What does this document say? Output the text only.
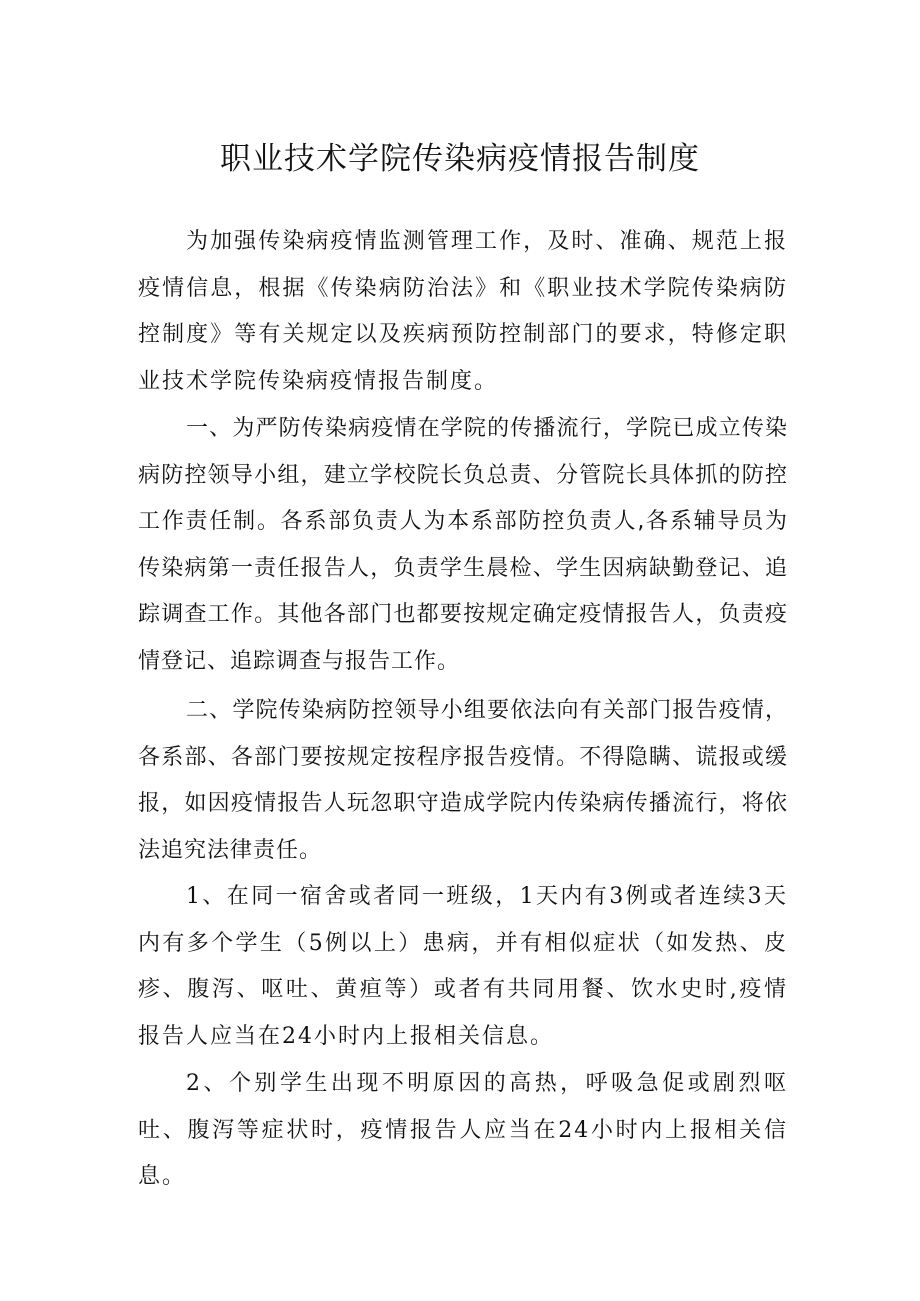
职业技术学院传染病疫情报告制度

为加强传染病疫情监测管理工作，及时、准确、规范上报疫情信息，根据《传染病防治法》和《职业技术学院传染病防控制度》等有关规定以及疾病预防控制部门的要求，特修定职业技术学院传染病疫情报告制度。

一、为严防传染病疫情在学院的传播流行，学院已成立传染病防控领导小组，建立学校院长负总责、分管院长具体抓的防控工作责任制。各系部负责人为本系部防控负责人,各系辅导员为传染病第一责任报告人，负责学生晨检、学生因病缺勤登记、追踪调查工作。其他各部门也都要按规定确定疫情报告人，负责疫情登记、追踪调查与报告工作。

二、学院传染病防控领导小组要依法向有关部门报告疫情，各系部、各部门要按规定按程序报告疫情。不得隐瞒、谎报或缓报，如因疫情报告人玩忽职守造成学院内传染病传播流行，将依法追究法律责任。

1、在同一宿舍或者同一班级，1天内有3例或者连续3天内有多个学生（5例以上）患病，并有相似症状（如发热、皮疹、腹泻、呕吐、黄疸等）或者有共同用餐、饮水史时,疫情报告人应当在24小时内上报相关信息。

2、个别学生出现不明原因的高热，呼吸急促或剧烈呕吐、腹泻等症状时，疫情报告人应当在24小时内上报相关信息。
